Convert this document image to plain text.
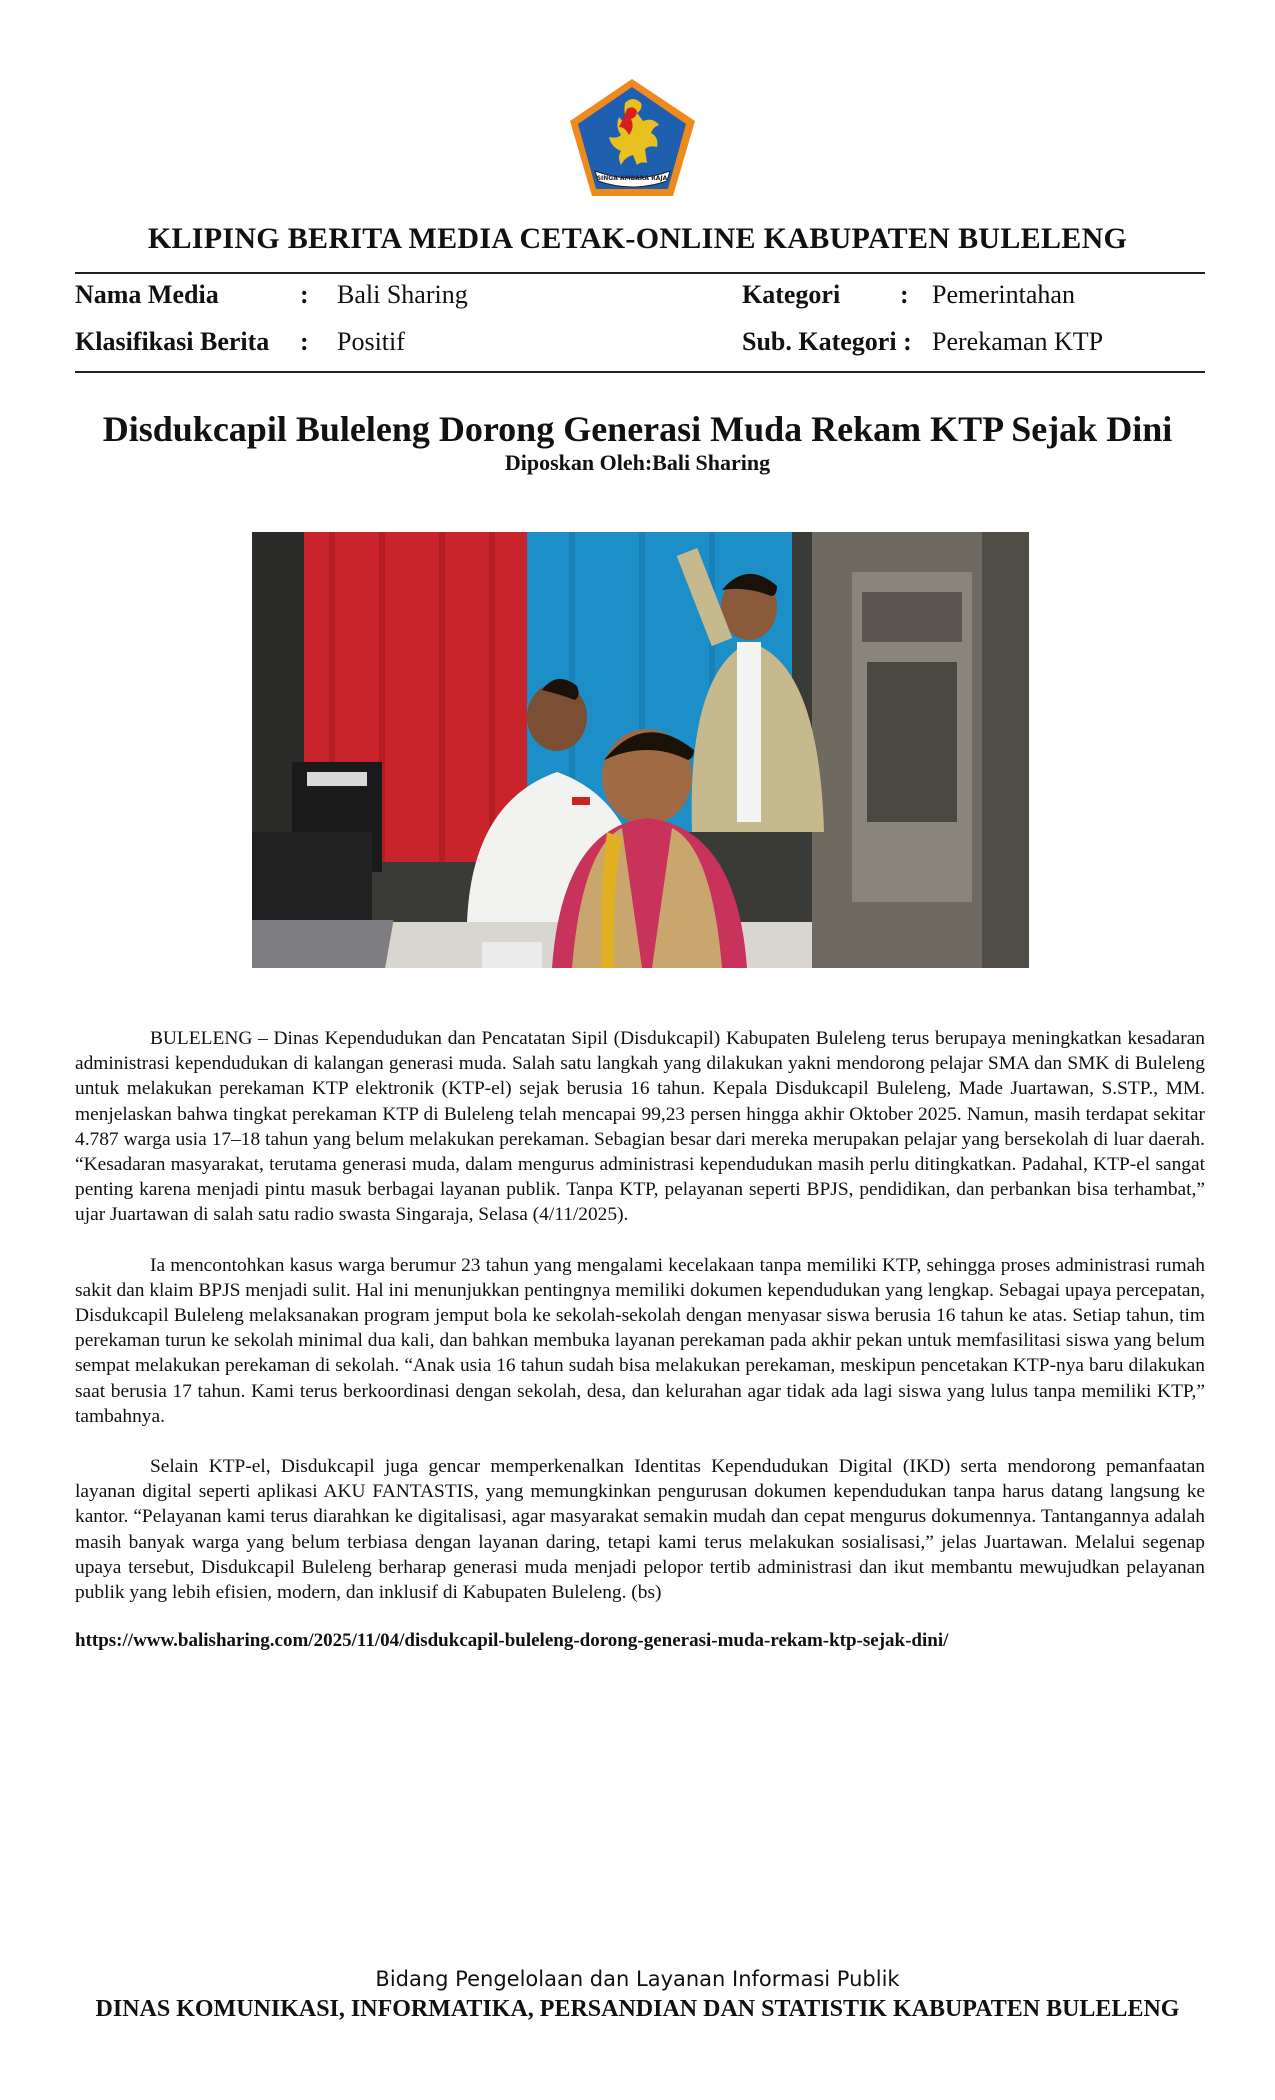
SINGA AMBARA RAJA
KLIPING BERITA MEDIA CETAK-ONLINE KABUPATEN BULELENG
Nama Media	: Bali Sharing	Kategori : Pemerintahan
Klasifikasi Berita : Positif	Sub. Kategori : Perekaman KTP
Disdukcapil Buleleng Dorong Generasi Muda Rekam KTP Sejak Dini
Diposkan Oleh:Bali Sharing

BULELENG – Dinas Kependudukan dan Pencatatan Sipil (Disdukcapil) Kabupaten Buleleng terus berupaya meningkatkan kesadaran administrasi kependudukan di kalangan generasi muda. Salah satu langkah yang dilakukan yakni mendorong pelajar SMA dan SMK di Buleleng untuk melakukan perekaman KTP elektronik (KTP-el) sejak berusia 16 tahun. Kepala Disdukcapil Buleleng, Made Juartawan, S.STP., MM. menjelaskan bahwa tingkat perekaman KTP di Buleleng telah mencapai 99,23 persen hingga akhir Oktober 2025. Namun, masih terdapat sekitar 4.787 warga usia 17–18 tahun yang belum melakukan perekaman. Sebagian besar dari mereka merupakan pelajar yang bersekolah di luar daerah. “Kesadaran masyarakat, terutama generasi muda, dalam mengurus administrasi kependudukan masih perlu ditingkatkan. Padahal, KTP-el sangat penting karena menjadi pintu masuk berbagai layanan publik. Tanpa KTP, pelayanan seperti BPJS, pendidikan, dan perbankan bisa terhambat,” ujar Juartawan di salah satu radio swasta Singaraja, Selasa (4/11/2025).

Ia mencontohkan kasus warga berumur 23 tahun yang mengalami kecelakaan tanpa memiliki KTP, sehingga proses administrasi rumah sakit dan klaim BPJS menjadi sulit. Hal ini menunjukkan pentingnya memiliki dokumen kependudukan yang lengkap. Sebagai upaya percepatan, Disdukcapil Buleleng melaksanakan program jemput bola ke sekolah-sekolah dengan menyasar siswa berusia 16 tahun ke atas. Setiap tahun, tim perekaman turun ke sekolah minimal dua kali, dan bahkan membuka layanan perekaman pada akhir pekan untuk memfasilitasi siswa yang belum sempat melakukan perekaman di sekolah. “Anak usia 16 tahun sudah bisa melakukan perekaman, meskipun pencetakan KTP-nya baru dilakukan saat berusia 17 tahun. Kami terus berkoordinasi dengan sekolah, desa, dan kelurahan agar tidak ada lagi siswa yang lulus tanpa memiliki KTP,” tambahnya.

Selain KTP-el, Disdukcapil juga gencar memperkenalkan Identitas Kependudukan Digital (IKD) serta mendorong pemanfaatan layanan digital seperti aplikasi AKU FANTASTIS, yang memungkinkan pengurusan dokumen kependudukan tanpa harus datang langsung ke kantor. “Pelayanan kami terus diarahkan ke digitalisasi, agar masyarakat semakin mudah dan cepat mengurus dokumennya. Tantangannya adalah masih banyak warga yang belum terbiasa dengan layanan daring, tetapi kami terus melakukan sosialisasi,” jelas Juartawan. Melalui segenap upaya tersebut, Disdukcapil Buleleng berharap generasi muda menjadi pelopor tertib administrasi dan ikut membantu mewujudkan pelayanan publik yang lebih efisien, modern, dan inklusif di Kabupaten Buleleng. (bs)

https://www.balisharing.com/2025/11/04/disdukcapil-buleleng-dorong-generasi-muda-rekam-ktp-sejak-dini/
Bidang Pengelolaan dan Layanan Informasi Publik
DINAS KOMUNIKASI, INFORMATIKA, PERSANDIAN DAN STATISTIK KABUPATEN BULELENG
